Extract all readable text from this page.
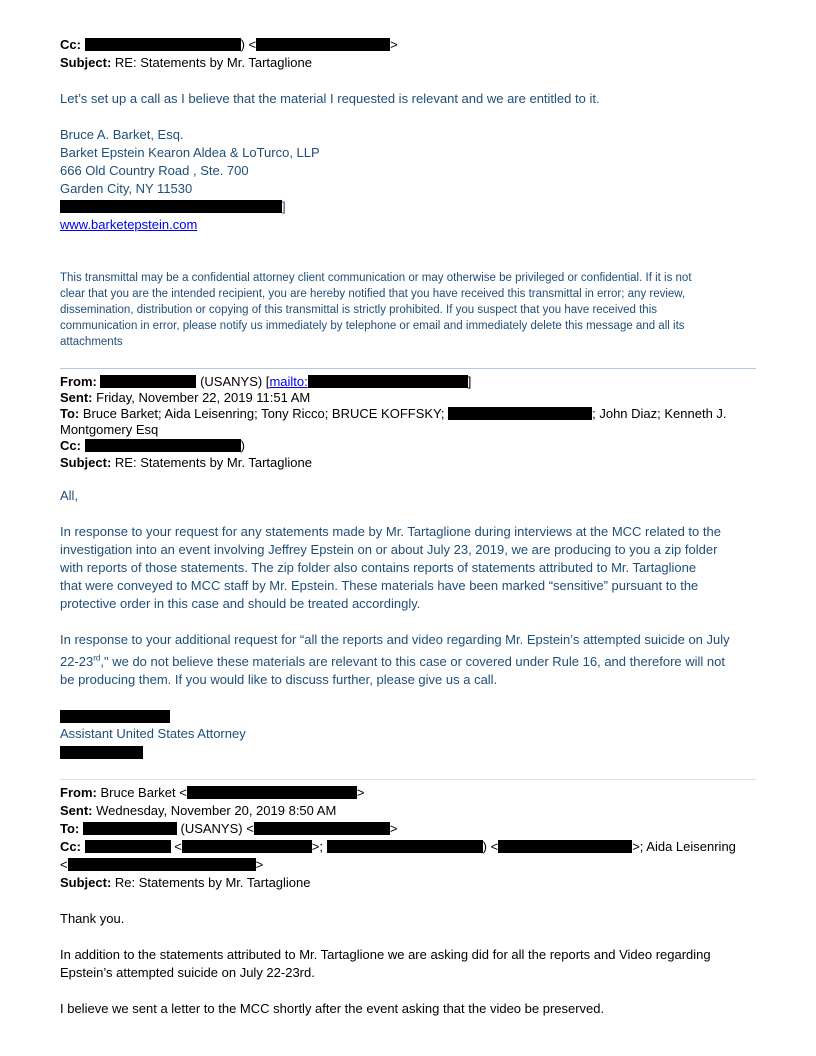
Cc:	) <	>
Subject: RE: Statements by Mr. Tartaglione
Let’s set up a call as I believe that the material I requested is relevant and we are entitled to it.
Bruce A. Barket, Esq.
Barket Epstein Kearon Aldea & LoTurco, LLP
666 Old Country Road , Ste. 700
Garden City, NY 11530
]
www.barketepstein.com
This transmittal may be a confidential attorney client communication or may otherwise be privileged or confidential. If it is not
clear that you are the intended recipient, you are hereby notified that you have received this transmittal in error; any review,
dissemination, distribution or copying of this transmittal is strictly prohibited. If you suspect that you have received this
communication in error, please notify us immediately by telephone or email and immediately delete this message and all its
attachments
From:	(USANYS) [mailto:	]
Sent: Friday, November 22, 2019 11:51 AM
To: Bruce Barket; Aida Leisenring; Tony Ricco; BRUCE KOFFSKY;	; John Diaz; Kenneth J.
Montgomery Esq
Cc:	)
Subject: RE: Statements by Mr. Tartaglione
All,
In response to your request for any statements made by Mr. Tartaglione during interviews at the MCC related to the
investigation into an event involving Jeffrey Epstein on or about July 23, 2019, we are producing to you a zip folder
with reports of those statements. The zip folder also contains reports of statements attributed to Mr. Tartaglione
that were conveyed to MCC staff by Mr. Epstein. These materials have been marked “sensitive” pursuant to the
protective order in this case and should be treated accordingly.
In response to your additional request for “all the reports and video regarding Mr. Epstein’s attempted suicide on July
22-23rd," we do not believe these materials are relevant to this case or covered under Rule 16, and therefore will not
be producing them. If you would like to discuss further, please give us a call.
Assistant United States Attorney
From: Bruce Barket <	>
Sent: Wednesday, November 20, 2019 8:50 AM
To:	(USANYS) <	>
Cc:	<	>;	) <	>; Aida Leisenring
<	>
Subject: Re: Statements by Mr. Tartaglione
Thank you.
In addition to the statements attributed to Mr. Tartaglione we are asking did for all the reports and Video regarding
Epstein’s attempted suicide on July 22-23rd.
I believe we sent a letter to the MCC shortly after the event asking that the video be preserved.
